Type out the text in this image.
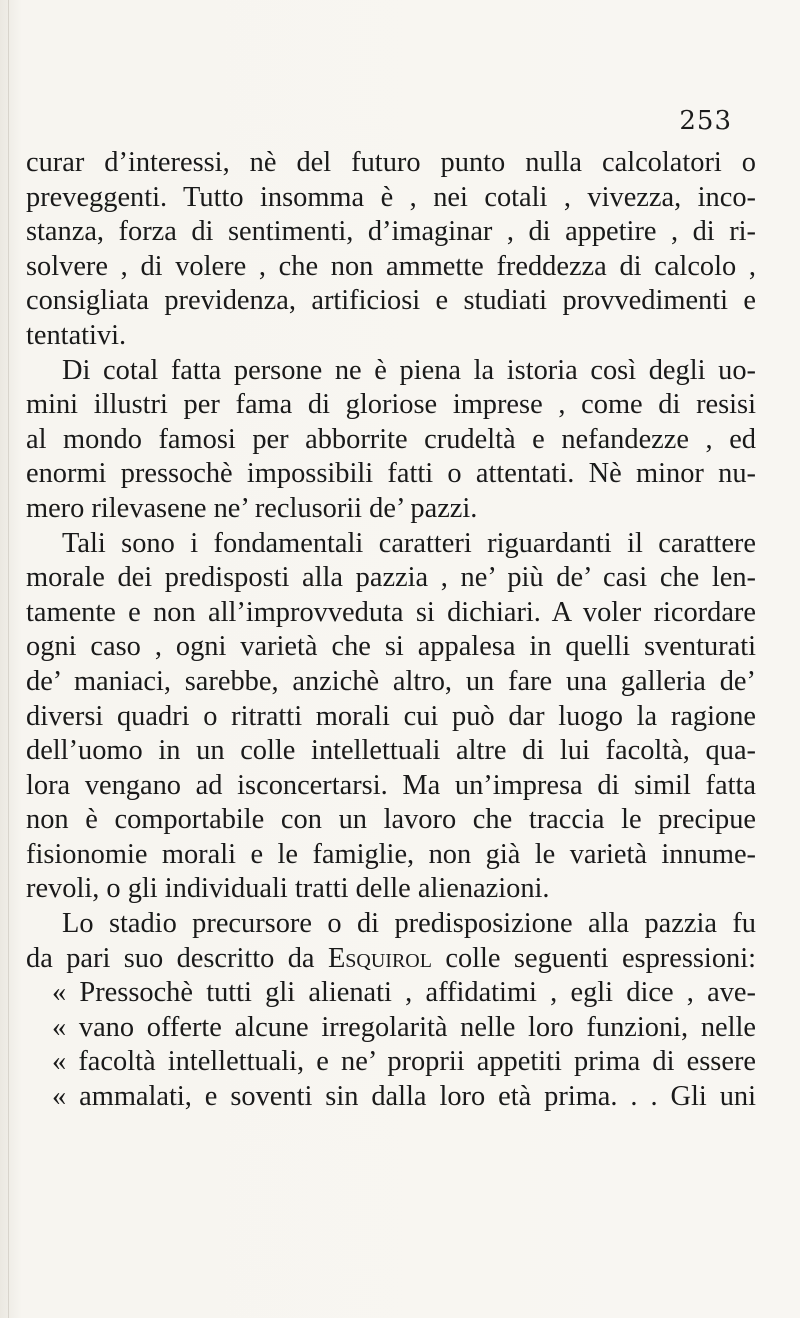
253
curar d’interessi, nè del futuro punto nulla calcolatori o
preveggenti. Tutto insomma è , nei cotali , vivezza, inco-
stanza, forza di sentimenti, d’imaginar , di appetire , di ri-
solvere , di volere , che non ammette freddezza di calcolo ,
consigliata previdenza, artificiosi e studiati provvedimenti e
tentativi.
Di cotal fatta persone ne è piena la istoria così degli uo-
mini illustri per fama di gloriose imprese , come di resisi
al mondo famosi per abborrite crudeltà e nefandezze , ed
enormi pressochè impossibili fatti o attentati. Nè minor nu-
mero rilevasene ne’ reclusorii de’ pazzi.
Tali sono i fondamentali caratteri riguardanti il carattere
morale dei predisposti alla pazzia , ne’ più de’ casi che len-
tamente e non all’improvveduta si dichiari. A voler ricordare
ogni caso , ogni varietà che si appalesa in quelli sventurati
de’ maniaci, sarebbe, anzichè altro, un fare una galleria de’
diversi quadri o ritratti morali cui può dar luogo la ragione
dell’uomo in un colle intellettuali altre di lui facoltà, qua-
lora vengano ad isconcertarsi. Ma un’impresa di simil fatta
non è comportabile con un lavoro che traccia le precipue
fisionomie morali e le famiglie, non già le varietà innume-
revoli, o gli individuali tratti delle alienazioni.
Lo stadio precursore o di predisposizione alla pazzia fu
da pari suo descritto da Esquirol colle seguenti espressioni:
« Pressochè tutti gli alienati , affidatimi , egli dice , ave-
« vano offerte alcune irregolarità nelle loro funzioni, nelle
« facoltà intellettuali, e ne’ proprii appetiti prima di essere
« ammalati, e soventi sin dalla loro età prima. . . Gli uni
